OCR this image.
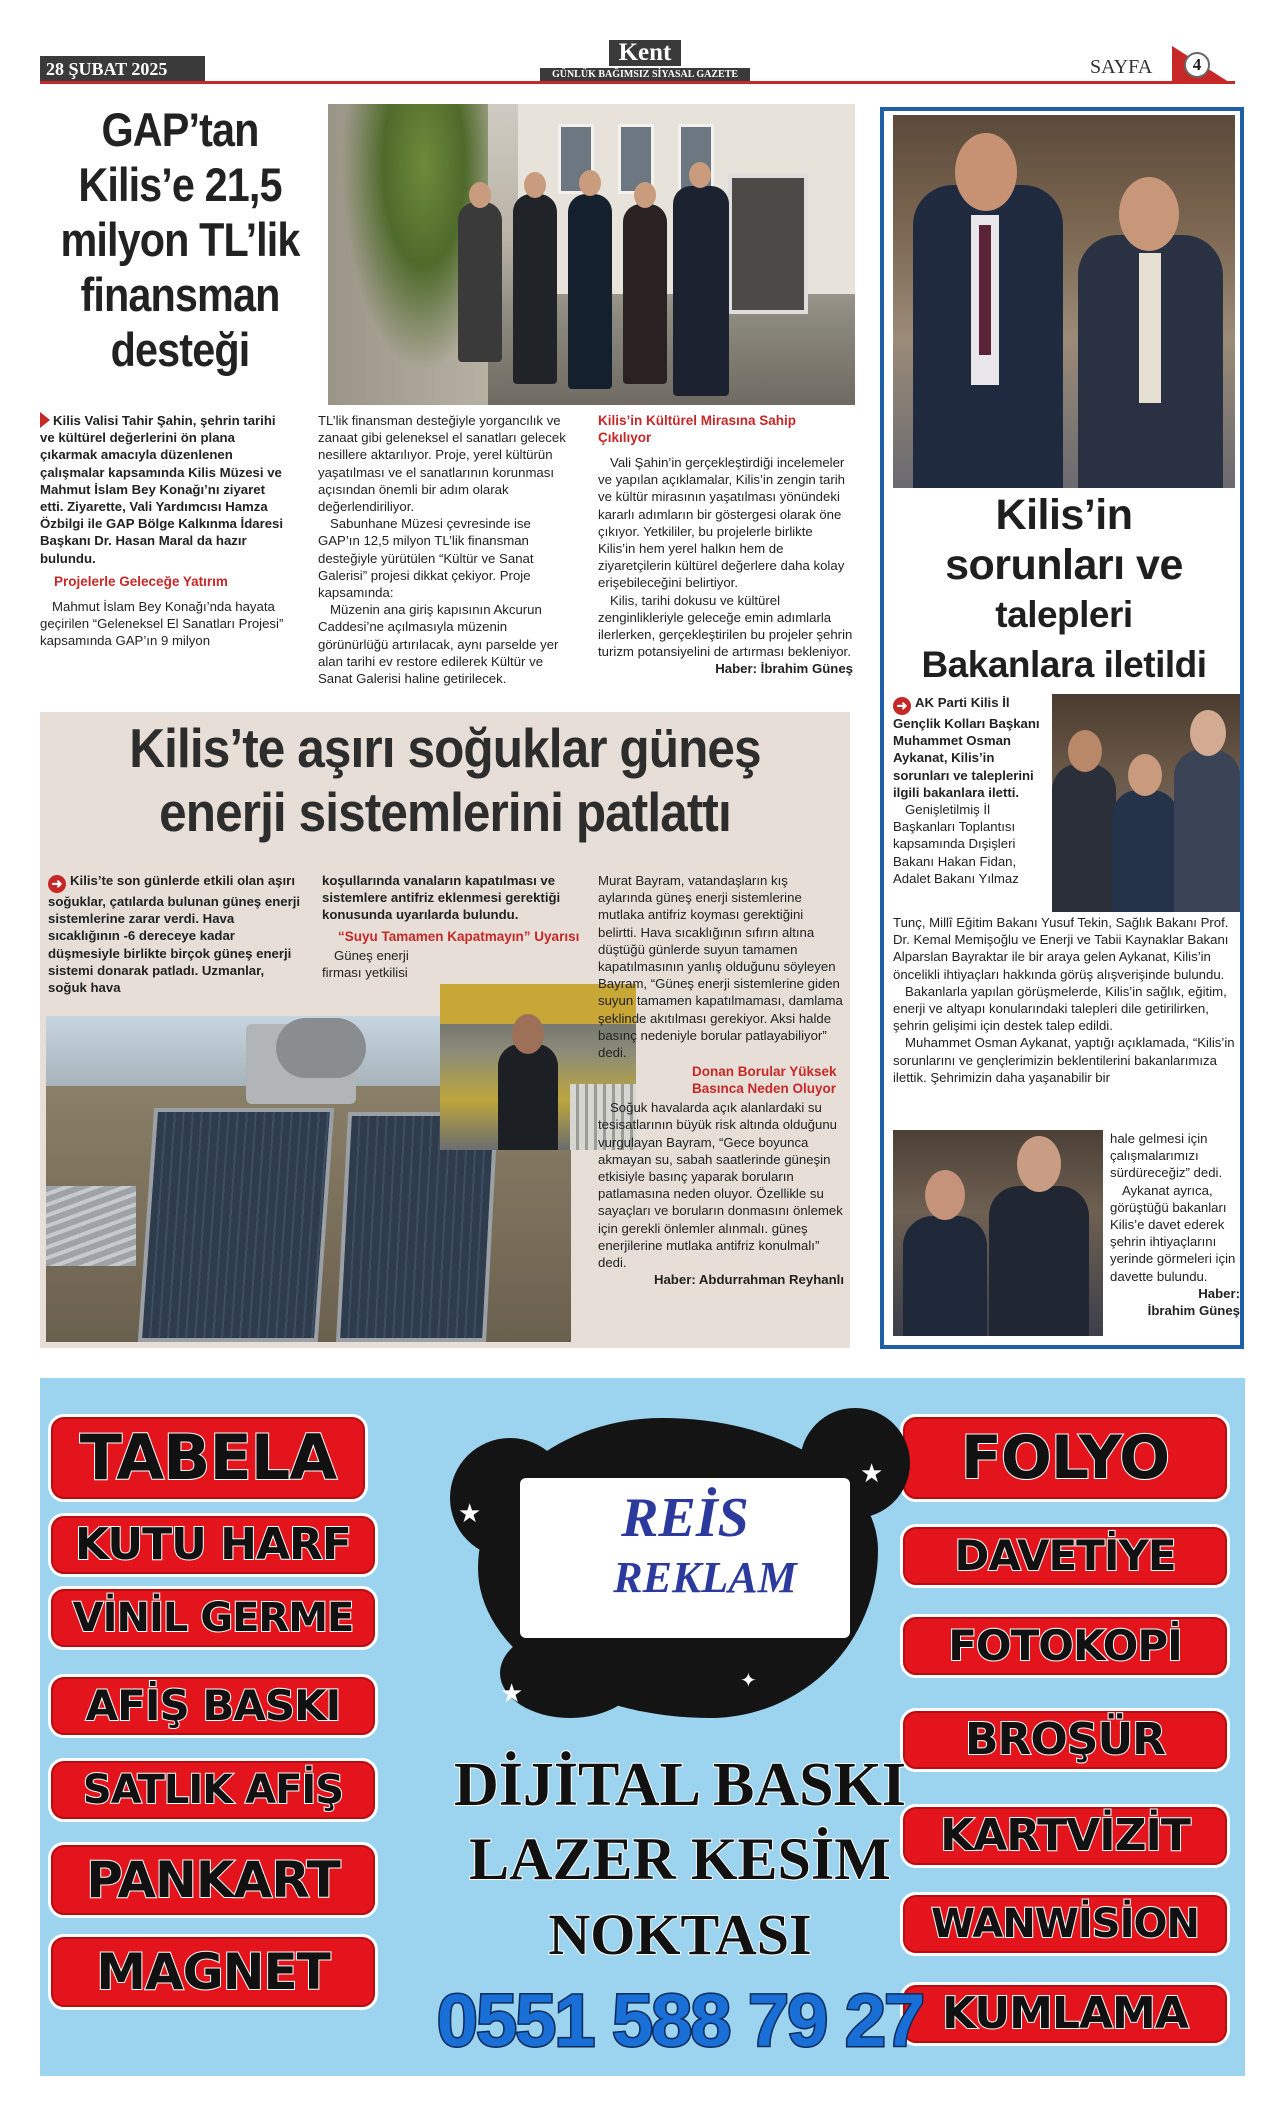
28 ŞUBAT 2025
Kent
GÜNLÜK BAĞIMSIZ SİYASAL GAZETE	SAYFA	4
GAP’tan
Kilis’e 21,5
milyon TL’lik
finansman
desteği

Kilis Valisi Tahir Şahin, şehrin tarihi ve kültürel değerlerini ön plana çıkarmak amacıyla düzenlenen çalışmalar kapsamında Kilis Müzesi ve Mahmut İslam Bey Konağı’nı ziyaret etti. Ziyarette, Vali Yardımcısı Hamza Özbilgi ile GAP Bölge Kalkınma İdaresi Başkanı Dr. Hasan Maral da hazır bulundu.

Projelerle Geleceğe Yatırım

Mahmut İslam Bey Konağı’nda hayata geçirilen “Geleneksel El Sanatları Projesi” kapsamında GAP’ın 9 milyon

TL’lik finansman desteğiyle yorgancılık ve zanaat gibi geleneksel el sanatları gelecek nesillere aktarılıyor. Proje, yerel kültürün yaşatılması ve el sanatlarının korunması açısından önemli bir adım olarak değerlendiriliyor.

Sabunhane Müzesi çevresinde ise GAP’ın 12,5 milyon TL’lik finansman desteğiyle yürütülen “Kültür ve Sanat Galerisi” projesi dikkat çekiyor. Proje kapsamında:

Müzenin ana giriş kapısının Akcurun Caddesi’ne açılmasıyla müzenin görünürlüğü artırılacak, aynı parselde yer alan tarihi ev restore edilerek Kültür ve Sanat Galerisi haline getirilecek.

Kilis’in Kültürel Mirasına Sahip Çıkılıyor

Vali Şahin’in gerçekleştirdiği incelemeler ve yapılan açıklamalar, Kilis’in zengin tarih ve kültür mirasının yaşatılması yönündeki kararlı adımların bir göstergesi olarak öne çıkıyor. Yetkililer, bu projelerle birlikte Kilis’in hem yerel halkın hem de ziyaretçilerin kültürel değerlere daha kolay erişebileceğini belirtiyor.

Kilis, tarihi dokusu ve kültürel zenginlikleriyle geleceğe emin adımlarla ilerlerken, gerçekleştirilen bu projeler şehrin turizm potansiyelini de artırması bekleniyor.

Haber: İbrahim Güneş
Kilis’in
sorunları ve
talepleri
Bakanlara iletildi

➜ AK Parti Kilis İl Gençlik Kolları Başkanı Muhammet Osman Aykanat, Kilis’in sorunları ve taleplerini ilgili bakanlara iletti.

Genişletilmiş İl Başkanları Toplantısı kapsamında Dışişleri Bakanı Hakan Fidan, Adalet Bakanı Yılmaz

Tunç, Millî Eğitim Bakanı Yusuf Tekin, Sağlık Bakanı Prof. Dr. Kemal Memişoğlu ve Enerji ve Tabii Kaynaklar Bakanı Alparslan Bayraktar ile bir araya gelen Aykanat, Kilis’in öncelikli ihtiyaçları hakkında görüş alışverişinde bulundu.

Bakanlarla yapılan görüşmelerde, Kilis’in sağlık, eğitim, enerji ve altyapı konularındaki talepleri dile getirilirken, şehrin gelişimi için destek talep edildi.

Muhammet Osman Aykanat, yaptığı açıklamada, “Kilis’in sorunlarını ve gençlerimizin beklentilerini bakanlarımıza ilettik. Şehrimizin daha yaşanabilir bir

hale gelmesi için çalışmalarımızı sürdüreceğiz” dedi.

Aykanat ayrıca, görüştüğü bakanları Kilis’e davet ederek şehrin ihtiyaçlarını yerinde görmeleri için davette bulundu.

Haber:
İbrahim Güneş
Kilis’te aşırı soğuklar güneş
enerji sistemlerini patlattı

➜ Kilis’te son günlerde etkili olan aşırı soğuklar, çatılarda bulunan güneş enerji sistemlerine zarar verdi. Hava sıcaklığının -6 dereceye kadar düşmesiyle birlikte birçok güneş enerji sistemi donarak patladı. Uzmanlar, soğuk hava

koşullarında vanaların kapatılması ve sistemlere antifriz eklenmesi gerektiği konusunda uyarılarda bulundu.

“Suyu Tamamen Kapatmayın” Uyarısı

Güneş enerji firması yetkilisi

Murat Bayram, vatandaşların kış aylarında güneş enerji sistemlerine mutlaka antifriz koyması gerektiğini belirtti. Hava sıcaklığının sıfırın altına düştüğü günlerde suyun tamamen kapatılmasının yanlış olduğunu söyleyen Bayram, “Güneş enerji sistemlerine giden suyun tamamen kapatılmaması, damlama şeklinde akıtılması gerekiyor. Aksi halde basınç nedeniyle borular patlayabiliyor” dedi.

Donan Borular Yüksek Basınca Neden Oluyor

Soğuk havalarda açık alanlardaki su tesisatlarının büyük risk altında olduğunu vurgulayan Bayram, “Gece boyunca akmayan su, sabah saatlerinde güneşin etkisiyle basınç yaparak boruların patlamasına neden oluyor. Özellikle su sayaçları ve boruların donmasını önlemek için gerekli önlemler alınmalı. güneş enerjilerine mutlaka antifriz konulmalı” dedi.

Haber: Abdurrahman Reyhanlı
TABELA
KUTU HARF
VİNİL GERME
AFİŞ BASKI
SATLIK AFİŞ
PANKART
MAGNET
FOLYO
DAVETİYE
FOTOKOPİ
BROŞÜR
KARTVİZİT
WANWİSİON
KUMLAMA
★
★
★	✦
REİS
REKLAM
DİJİTAL BASKI
LAZER KESİM
NOKTASI
0551 588 79 27
